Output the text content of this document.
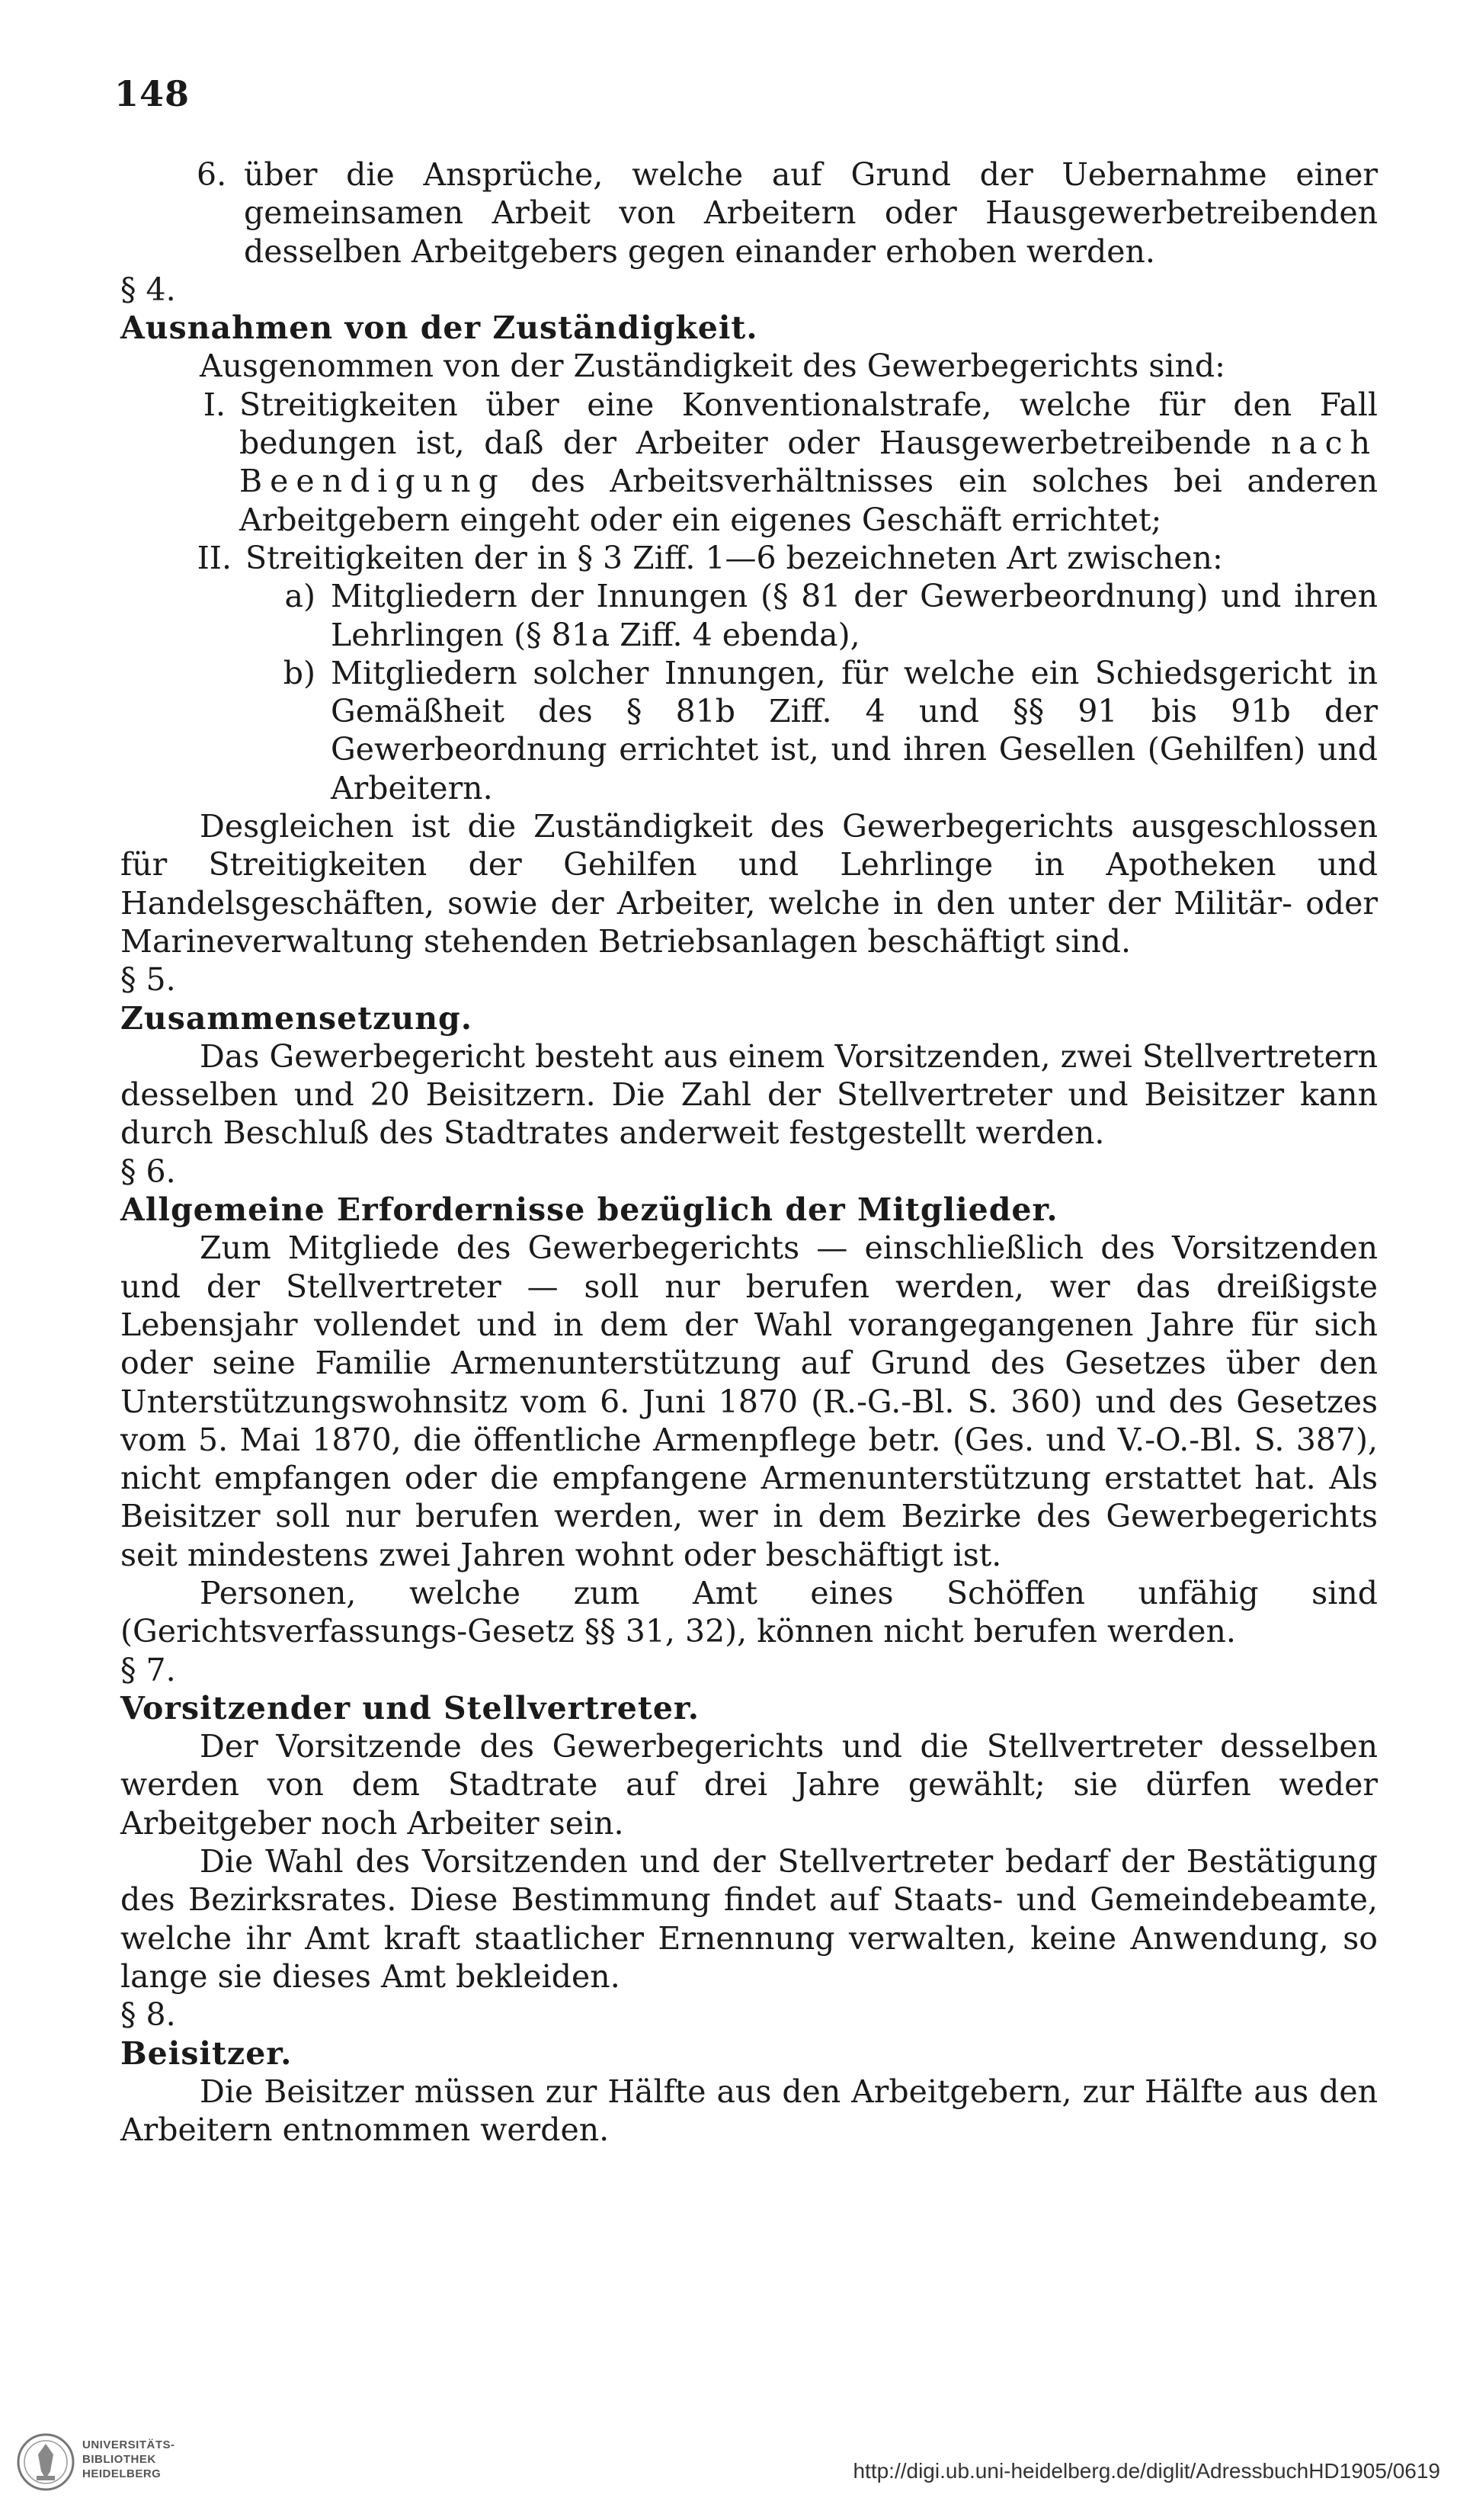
148
6. über die Ansprüche, welche auf Grund der Uebernahme einer gemeinsamen Arbeit von Arbeitern oder Hausgewerbetreibenden desselben Arbeitgebers gegen einander erhoben werden.

§ 4.

Ausnahmen von der Zuständigkeit.

Ausgenommen von der Zuständigkeit des Gewerbegerichts sind:

I. Streitigkeiten über eine Konventionalstrafe, welche für den Fall bedungen ist, daß der Arbeiter oder Hausgewerbetreibende nach Beendigung des Arbeitsverhältnisses ein solches bei anderen Arbeitgebern eingeht oder ein eigenes Geschäft errichtet;
II. Streitigkeiten der in § 3 Ziff. 1—6 bezeichneten Art zwischen:
a) Mitgliedern der Innungen (§ 81 der Gewerbeordnung) und ihren Lehrlingen (§ 81a Ziff. 4 ebenda),
b) Mitgliedern solcher Innungen, für welche ein Schiedsgericht in Gemäßheit des § 81b Ziff. 4 und §§ 91 bis 91b der Gewerbeordnung errichtet ist, und ihren Gesellen (Gehilfen) und Arbeitern.

Desgleichen ist die Zuständigkeit des Gewerbegerichts ausgeschlossen für Streitigkeiten der Gehilfen und Lehrlinge in Apotheken und Handelsgeschäften, sowie der Arbeiter, welche in den unter der Militär- oder Marineverwaltung stehenden Betriebsanlagen beschäftigt sind.

§ 5.

Zusammensetzung.

Das Gewerbegericht besteht aus einem Vorsitzenden, zwei Stellvertretern desselben und 20 Beisitzern. Die Zahl der Stellvertreter und Beisitzer kann durch Beschluß des Stadtrates anderweit festgestellt werden.

§ 6.

Allgemeine Erfordernisse bezüglich der Mitglieder.

Zum Mitgliede des Gewerbegerichts — einschließlich des Vorsitzenden und der Stellvertreter — soll nur berufen werden, wer das dreißigste Lebensjahr vollendet und in dem der Wahl vorangegangenen Jahre für sich oder seine Familie Armenunterstützung auf Grund des Gesetzes über den Unterstützungswohnsitz vom 6. Juni 1870 (R.-G.-Bl. S. 360) und des Gesetzes vom 5. Mai 1870, die öffentliche Armenpflege betr. (Ges. und V.-O.-Bl. S. 387), nicht empfangen oder die empfangene Armenunterstützung erstattet hat. Als Beisitzer soll nur berufen werden, wer in dem Bezirke des Gewerbegerichts seit mindestens zwei Jahren wohnt oder beschäftigt ist.

Personen, welche zum Amt eines Schöffen unfähig sind (Gerichtsverfassungs-Gesetz §§ 31, 32), können nicht berufen werden.

§ 7.

Vorsitzender und Stellvertreter.

Der Vorsitzende des Gewerbegerichts und die Stellvertreter desselben werden von dem Stadtrate auf drei Jahre gewählt; sie dürfen weder Arbeitgeber noch Arbeiter sein.

Die Wahl des Vorsitzenden und der Stellvertreter bedarf der Bestätigung des Bezirksrates. Diese Bestimmung findet auf Staats- und Gemeindebeamte, welche ihr Amt kraft staatlicher Ernennung verwalten, keine Anwendung, so lange sie dieses Amt bekleiden.

§ 8.

Beisitzer.

Die Beisitzer müssen zur Hälfte aus den Arbeitgebern, zur Hälfte aus den Arbeitern entnommen werden.

UNIVERSITÄTS-
BIBLIOTHEK
HEIDELBERG	http://digi.ub.uni-heidelberg.de/diglit/AdressbuchHD1905/0619
